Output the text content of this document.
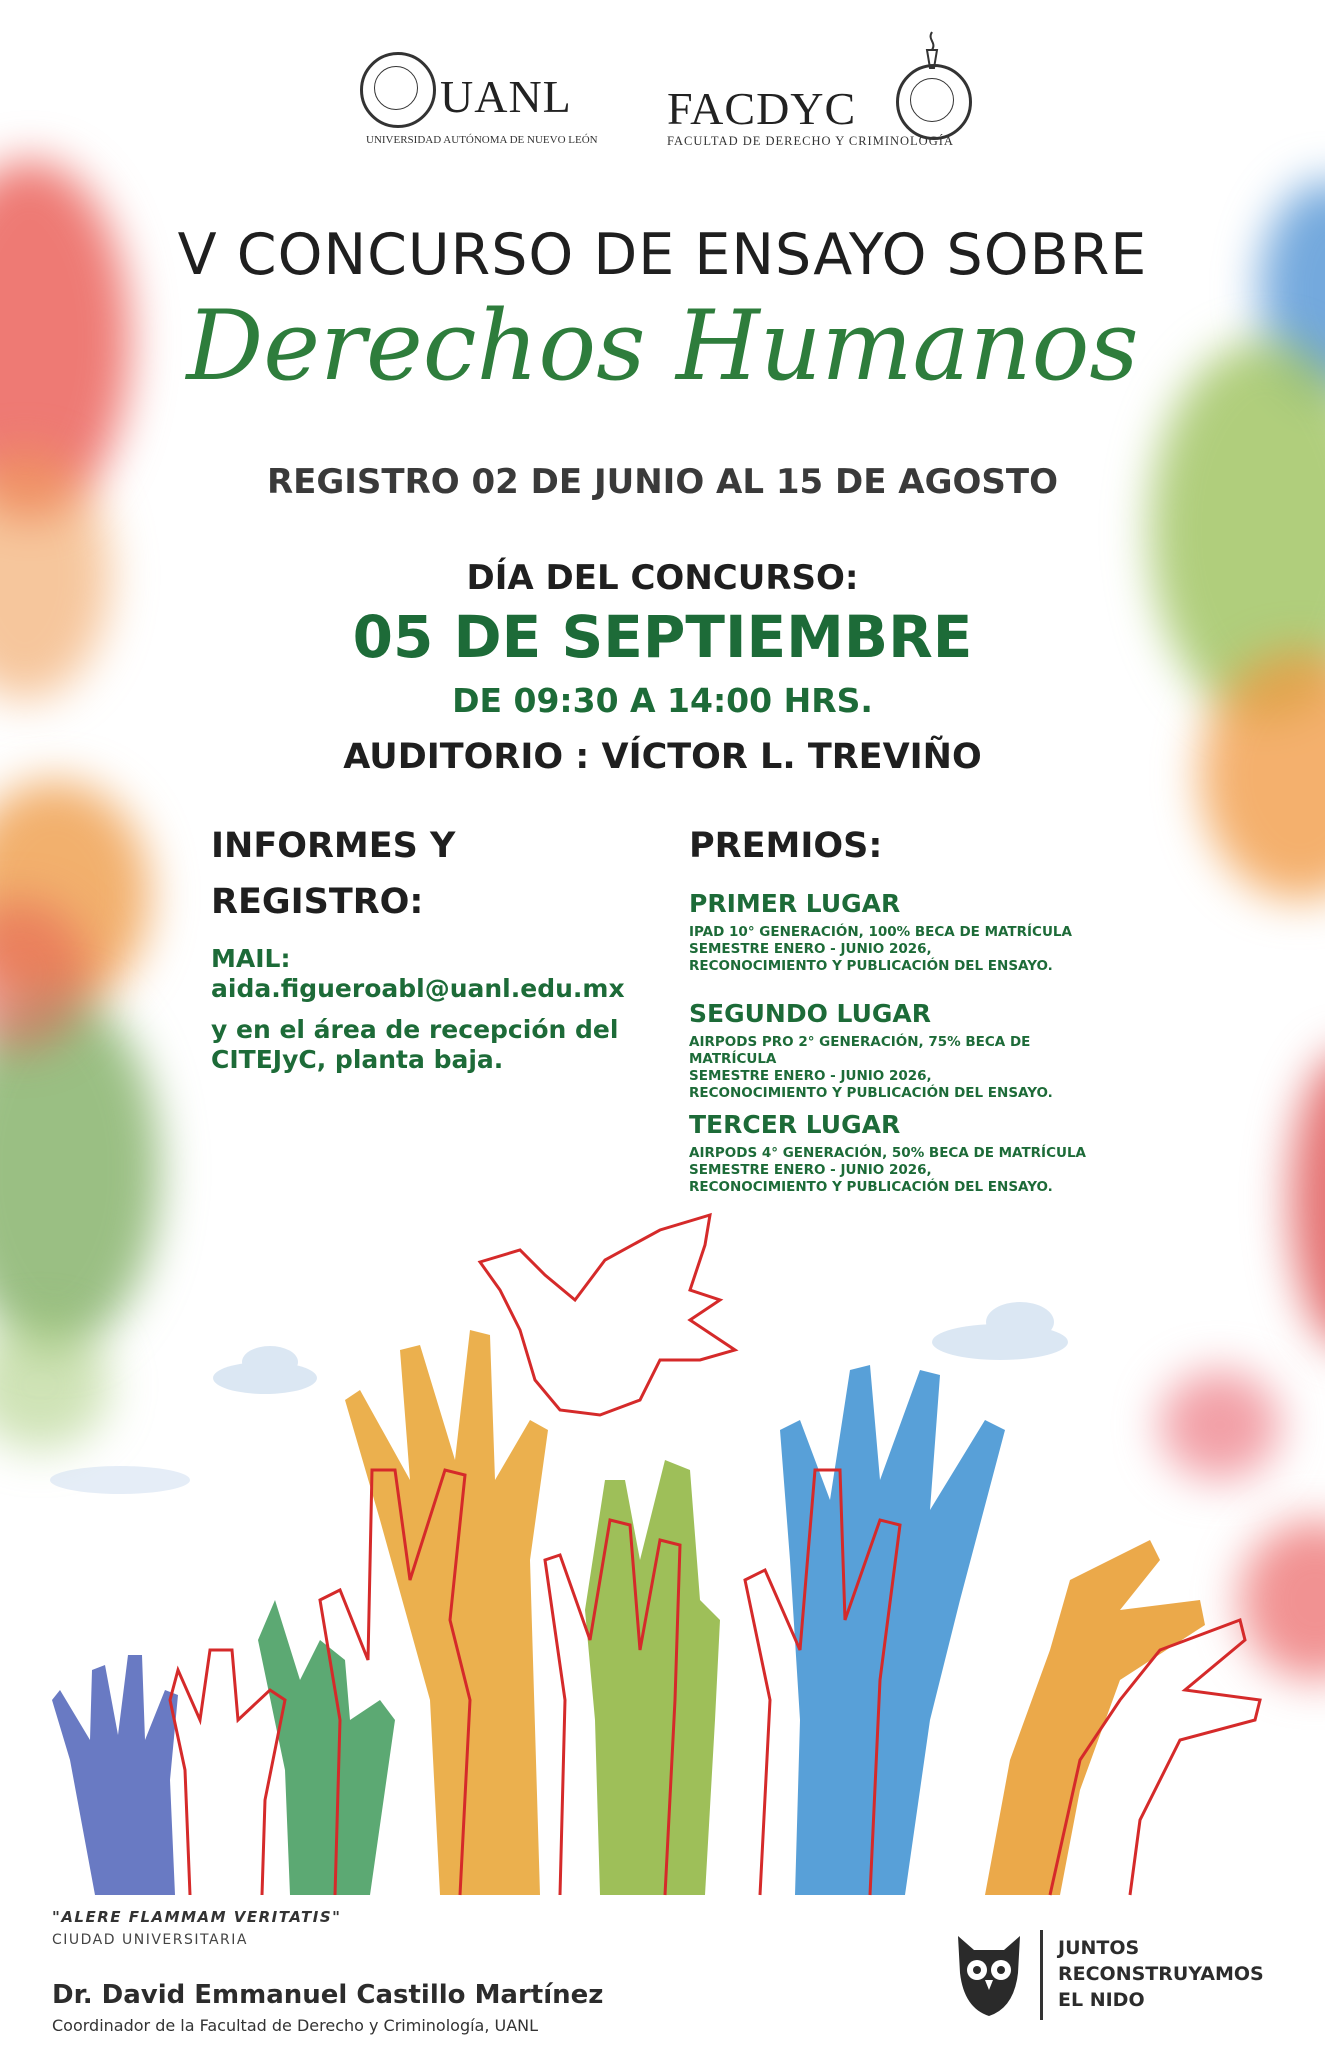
UANL
UNIVERSIDAD AUTÓNOMA DE NUEVO LEÓN
FACDYC
FACULTAD DE DERECHO Y CRIMINOLOGÍA
V CONCURSO DE ENSAYO SOBRE
Derechos Humanos
REGISTRO 02 DE JUNIO AL 15 DE AGOSTO
DÍA DEL CONCURSO:
05 DE SEPTIEMBRE
DE 09:30 A 14:00 HRS.
AUDITORIO : VÍCTOR L. TREVIÑO
INFORMES Y
REGISTRO:
MAIL:
aida.figueroabl@uanl.edu.mx
y en el área de recepción del
CITEJyC, planta baja.
PREMIOS:
PRIMER LUGAR
IPAD 10° GENERACIÓN, 100% BECA DE MATRÍCULA
SEMESTRE ENERO - JUNIO 2026,
RECONOCIMIENTO Y PUBLICACIÓN DEL ENSAYO.
SEGUNDO LUGAR
AIRPODS PRO 2° GENERACIÓN, 75% BECA DE MATRÍCULA
SEMESTRE ENERO - JUNIO 2026,
RECONOCIMIENTO Y PUBLICACIÓN DEL ENSAYO.
TERCER LUGAR
AIRPODS 4° GENERACIÓN, 50% BECA DE MATRÍCULA
SEMESTRE ENERO - JUNIO 2026,
RECONOCIMIENTO Y PUBLICACIÓN DEL ENSAYO.
"ALERE FLAMMAM VERITATIS"
CIUDAD UNIVERSITARIA
Dr. David Emmanuel Castillo Martínez
Coordinador de la Facultad de Derecho y Criminología, UANL
JUNTOS
RECONSTRUYAMOS
EL NIDO
